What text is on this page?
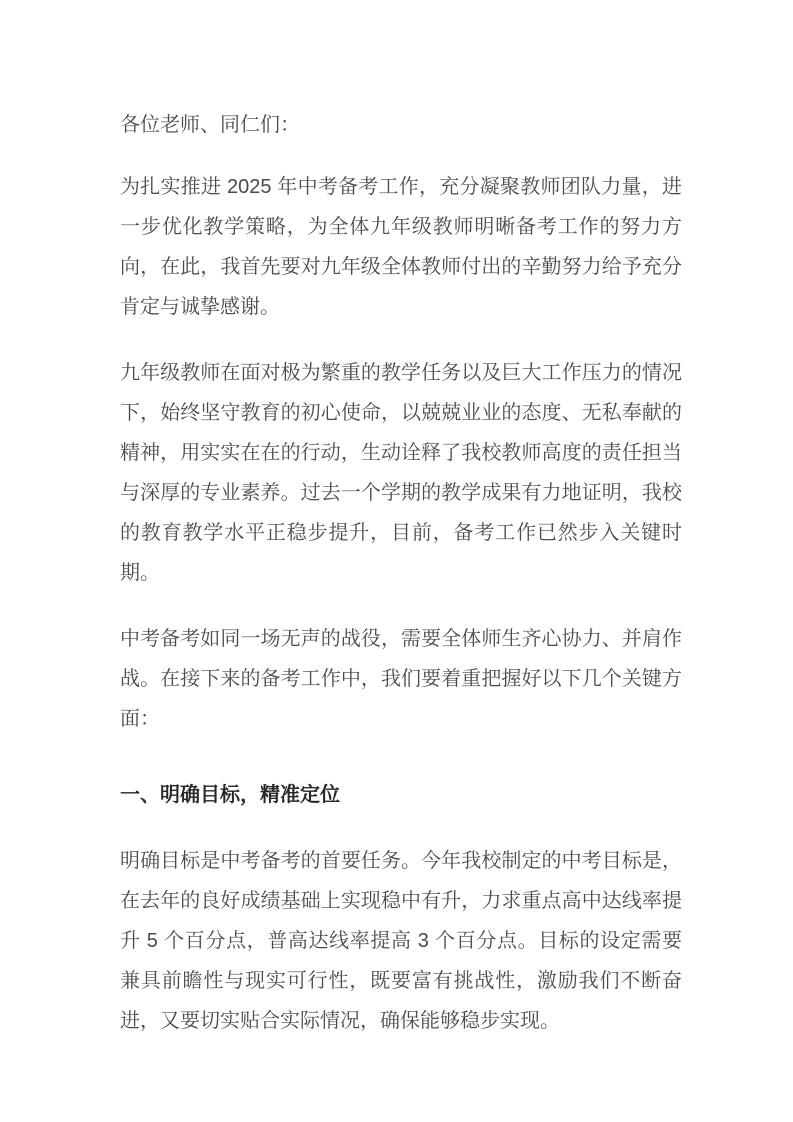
各位老师、同仁们：

为扎实推进 2025 年中考备考工作，充分凝聚教师团队力量，进一步优化教学策略，为全体九年级教师明晰备考工作的努力方向，在此，我首先要对九年级全体教师付出的辛勤努力给予充分肯定与诚挚感谢。

九年级教师在面对极为繁重的教学任务以及巨大工作压力的情况下，始终坚守教育的初心使命，以兢兢业业的态度、无私奉献的精神，用实实在在的行动，生动诠释了我校教师高度的责任担当与深厚的专业素养。过去一个学期的教学成果有力地证明，我校的教育教学水平正稳步提升，目前，备考工作已然步入关键时期。

中考备考如同一场无声的战役，需要全体师生齐心协力、并肩作战。在接下来的备考工作中，我们要着重把握好以下几个关键方面：

一、明确目标，精准定位

明确目标是中考备考的首要任务。今年我校制定的中考目标是，在去年的良好成绩基础上实现稳中有升，力求重点高中达线率提升 5 个百分点，普高达线率提高 3 个百分点。目标的设定需要兼具前瞻性与现实可行性，既要富有挑战性，激励我们不断奋进，又要切实贴合实际情况，确保能够稳步实现。
